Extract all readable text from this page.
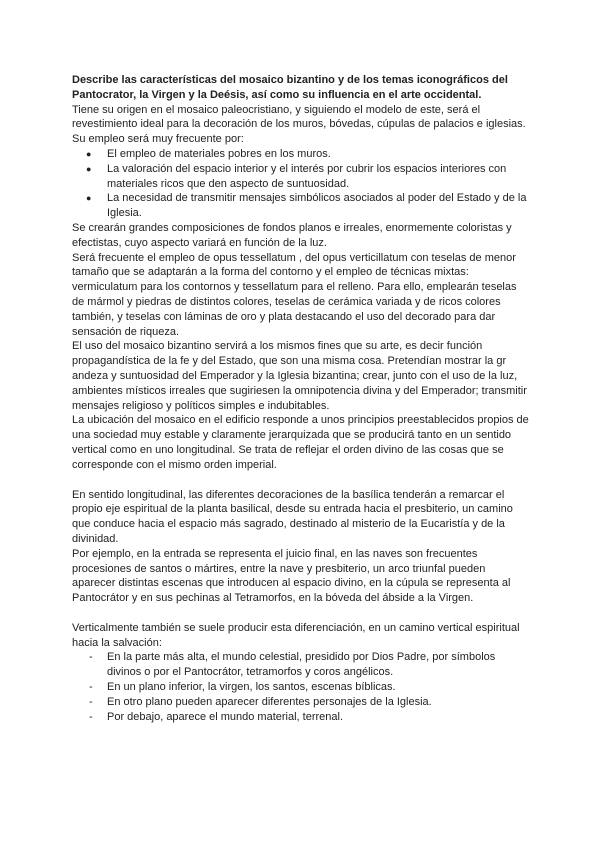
Describe las características del mosaico bizantino y de los temas iconográficos del Pantocrator, la Virgen y la Deésis, así como su influencia en el arte occidental.

Tiene su origen en el mosaico paleocristiano, y siguiendo el modelo de este, será el revestimiento ideal para la decoración de los muros, bóvedas, cúpulas de palacios e iglesias. Su empleo será muy frecuente por:

● El empleo de materiales pobres en los muros.
● La valoración del espacio interior y el interés por cubrir los espacios interiores con materiales ricos que den aspecto de suntuosidad.
● La necesidad de transmitir mensajes simbólicos asociados al poder del Estado y de la Iglesia.

Se crearán grandes composiciones de fondos planos e irreales, enormemente coloristas y efectistas, cuyo aspecto variará en función de la luz.

Será frecuente el empleo de opus tessellatum , del opus verticillatum con teselas de menor tamaño que se adaptarán a la forma del contorno y el empleo de técnicas mixtas: vermiculatum para los contornos y tessellatum para el relleno. Para ello, emplearán teselas de mármol y piedras de distintos colores, teselas de cerámica variada y de ricos colores también, y teselas con láminas de oro y plata destacando el uso del decorado para dar sensación de riqueza.

El uso del mosaico bizantino servirá a los mismos fines que su arte, es decir función propagandística de la fe y del Estado, que son una misma cosa. Pretendían mostrar la gr andeza y suntuosidad del Emperador y la Iglesia bizantina; crear, junto con el uso de la luz, ambientes místicos irreales que sugiriesen la omnipotencia divina y del Emperador; transmitir mensajes religioso y políticos simples e indubitables.

La ubicación del mosaico en el edificio responde a unos principios preestablecidos propios de una sociedad muy estable y claramente jerarquizada que se producirá tanto en un sentido vertical como en uno longitudinal. Se trata de reflejar el orden divino de las cosas que se corresponde con el mismo orden imperial.

En sentido longitudinal, las diferentes decoraciones de la basílica tenderán a remarcar el propio eje espiritual de la planta basilical, desde su entrada hacia el presbiterio, un camino que conduce hacia el espacio más sagrado, destinado al misterio de la Eucaristía y de la divinidad.

Por ejemplo, en la entrada se representa el juicio final, en las naves son frecuentes procesiones de santos o mártires, entre la nave y presbiterio, un arco triunfal pueden aparecer distintas escenas que introducen al espacio divino, en la cúpula se representa al Pantocrátor y en sus pechinas al Tetramorfos, en la bóveda del ábside a la Virgen.

Verticalmente también se suele producir esta diferenciación, en un camino vertical espiritual hacia la salvación:

- En la parte más alta, el mundo celestial, presidido por Dios Padre, por símbolos divinos o por el Pantocrátor, tetramorfos y coros angélicos.
- En un plano inferior, la virgen, los santos, escenas bíblicas.
- En otro plano pueden aparecer diferentes personajes de la Iglesia.
- Por debajo, aparece el mundo material, terrenal.
